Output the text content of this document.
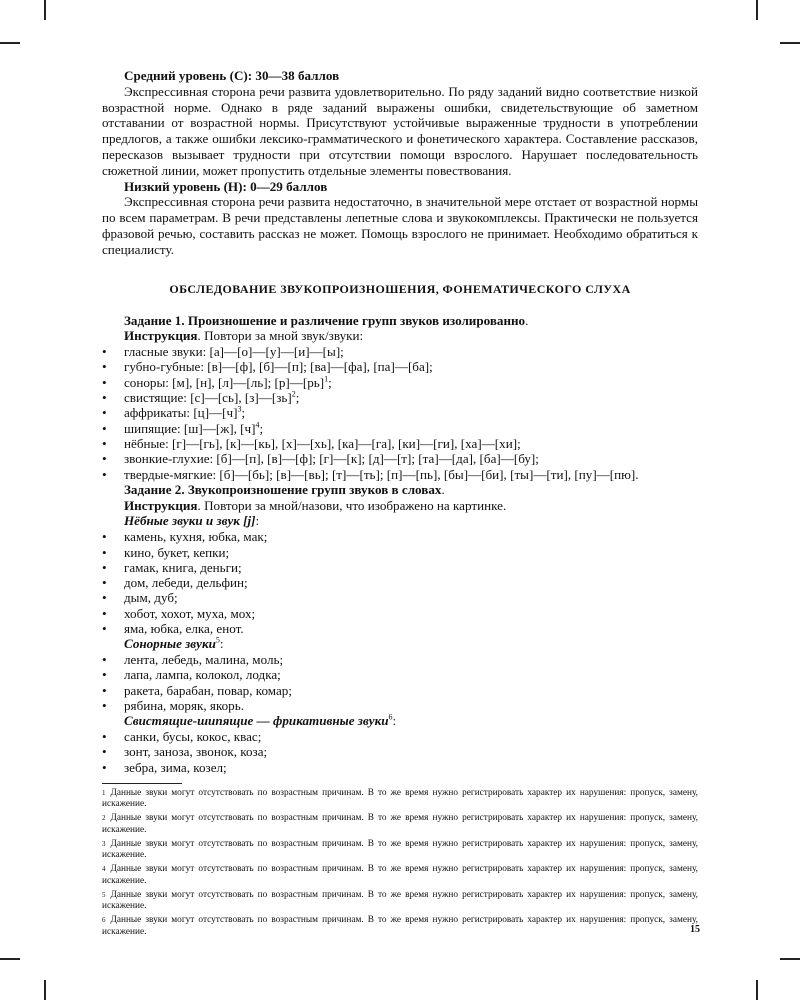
Средний уровень (С): 30—38 баллов

Экспрессивная сторона речи развита удовлетворительно. По ряду заданий видно соответствие низкой возрастной норме. Однако в ряде заданий выражены ошибки, свидетельствующие об заметном отставании от возрастной нормы. Присутствуют устойчивые выраженные трудности в употреблении предлогов, а также ошибки лексико-грамматического и фонетического характера. Составление рассказов, пересказов вызывает трудности при отсутствии помощи взрослого. Нарушает последовательность сюжетной линии, может пропустить отдельные элементы повествования.

Низкий уровень (Н): 0—29 баллов

Экспрессивная сторона речи развита недостаточно, в значительной мере отстает от возрастной нормы по всем параметрам. В речи представлены лепетные слова и звукокомплексы. Практически не пользуется фразовой речью, составить рассказ не может. Помощь взрослого не принимает. Необходимо обратиться к специалисту.

ОБСЛЕДОВАНИЕ ЗВУКОПРОИЗНОШЕНИЯ, ФОНЕМАТИЧЕСКОГО СЛУХА

Задание 1. Произношение и различение групп звуков изолированно.

Инструкция. Повтори за мной звук/звуки:

• гласные звуки: [а]—[о]—[у]—[и]—[ы];
• губно-губные: [в]—[ф], [б]—[п]; [ва]—[фа], [па]—[ба];
• соноры: [м], [н], [л]—[ль]; [р]—[рь]$^1$;
• свистящие: [с]—[сь], [з]—[зь]$^2$;
• аффрикаты: $[ц]—[ч]^3$;
• шипящие: [ш]—[ж], $[ч]^4$;
• нёбные: [г]—[гь], [к]—[кь], [х]—[хь], [ка]—[га], [ки]—[ги], [ха]—[хи];
• звонкие-глухие: [б]—[п], [в]—[ф]; [г]—[к]; [д]—[т]; [та]—[да], [ба]—[бу];
• твердые-мягкие: [б]—[бь]; [в]—[вь]; [т]—[ть]; [п]—[пь], [бы]—[би], [ты]—[ти], [пу]—[пю].

Задание 2. Звукопроизношение групп звуков в словах.

Инструкция. Повтори за мной/назови, что изображено на картинке.

Нёбные звуки и звук [j]:

• камень, кухня, юбка, мак;
• кино, букет, кепки;
• гамак, книга, деньги;
• дом, лебеди, дельфин;
• дым, дуб;
• хобот, хохот, муха, мох;
• яма, юбка, елка, енот.

Сонорные звуки$^5$:

• лента, лебедь, малина, моль;
• лапа, лампа, колокол, лодка;
• ракета, барабан, повар, комар;
• рябина, моряк, якорь.

Свистящие-шипящие — фрикативные звуки$^6$:

• санки, бусы, кокос, квас;
• зонт, заноза, звонок, коза;
• зебра, зима, козел;

$^1$ Данные звуки могут отсутствовать по возрастным причинам. В то же время нужно регистрировать характер их нарушения: пропуск, замену, искажение.

$^2$ Данные звуки могут отсутствовать по возрастным причинам. В то же время нужно регистрировать характер их нарушения: пропуск, замену, искажение.

$^3$ Данные звуки могут отсутствовать по возрастным причинам. В то же время нужно регистрировать характер их нарушения: пропуск, замену, искажение.

$^4$ Данные звуки могут отсутствовать по возрастным причинам. В то же время нужно регистрировать характер их нарушения: пропуск, замену, искажение.

$^5$ Данные звуки могут отсутствовать по возрастным причинам. В то же время нужно регистрировать характер их нарушения: пропуск, замену, искажение.

$^6$ Данные звуки могут отсутствовать по возрастным причинам. В то же время нужно регистрировать характер их нарушения: пропуск, замену, искажение.	15
